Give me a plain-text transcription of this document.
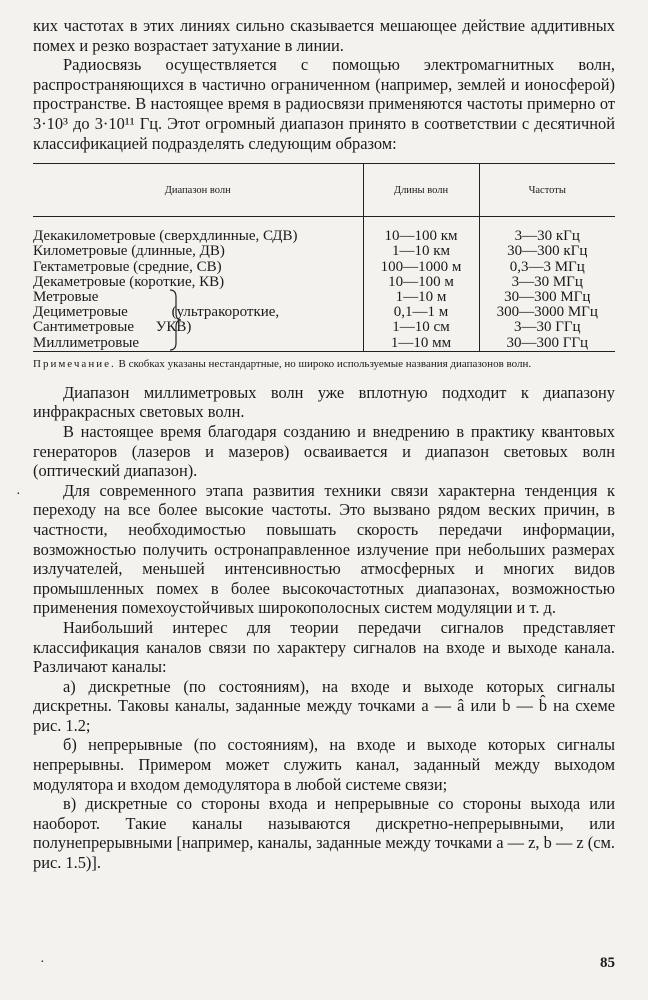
ких частотах в этих линиях сильно сказывается мешающее действие аддитивных помех и резко возрастает затухание в линии.

Радиосвязь осуществляется с помощью электромагнитных волн, распространяющихся в частично ограниченном (например, землей и ионосферой) пространстве. В настоящее время в радиосвязи применяются частоты примерно от 3·10³ до 3·10¹¹ Гц. Этот огромный диапазон принято в соответствии с десятичной классификацией подразделять следующим образом:

Диапазон волн	Длины волн	Частоты

Декакилометровые (сверхдлинные, СДВ)	10—100 км	3—30 кГц
Километровые (длинные, ДВ)	1—10 км	30—300 кГц
Гектаметровые (средние, СВ)	100—1000 м	0,3—3 МГц
Декаметровые (короткие, КВ)	10—100 м	3—30 МГц
Метровые	1—10 м	30—300 МГц
Дециметровые (ультракороткие,	0,1—1 м	300—3000 МГц
Сантиметровые УКВ)	1—10 см	3—30 ГГц
Миллиметровые	1—10 мм	30—300 ГГц
Примечание. В скобках указаны нестандартные, но широко используемые названия диапазонов волн.

Диапазон миллиметровых волн уже вплотную подходит к диапазону инфракрасных световых волн.

В настоящее время благодаря созданию и внедрению в практику квантовых генераторов (лазеров и мазеров) осваивается и диапазон световых волн (оптический диапазон).

Для современного этапа развития техники связи характерна тенденция к переходу на все более высокие частоты. Это вызвано рядом веских причин, в частности, необходимостью повышать скорость передачи информации, возможностью получить остронаправленное излучение при небольших размерах излучателей, меньшей интенсивностью атмосферных и многих видов промышленных помех в более высокочастотных диапазонах, возможностью применения помехоустойчивых широкополосных систем модуляции и т. д.

Наибольший интерес для теории передачи сигналов представляет классификация каналов связи по характеру сигналов на входе и выходе канала. Различают каналы:

а) дискретные (по состояниям), на входе и выходе которых сигналы дискретны. Таковы каналы, заданные между точками a — â или b — b̂ на схеме рис. 1.2;

б) непрерывные (по состояниям), на входе и выходе которых сигналы непрерывны. Примером может служить канал, заданный между выходом модулятора и входом демодулятора в любой системе связи;

в) дискретные со стороны входа и непрерывные со стороны выхода или наоборот. Такие каналы называются дискретно-непрерывными, или полунепрерывными [например, каналы, заданные между точками a — z, b — z (см. рис. 1.5)].

·
·	85
